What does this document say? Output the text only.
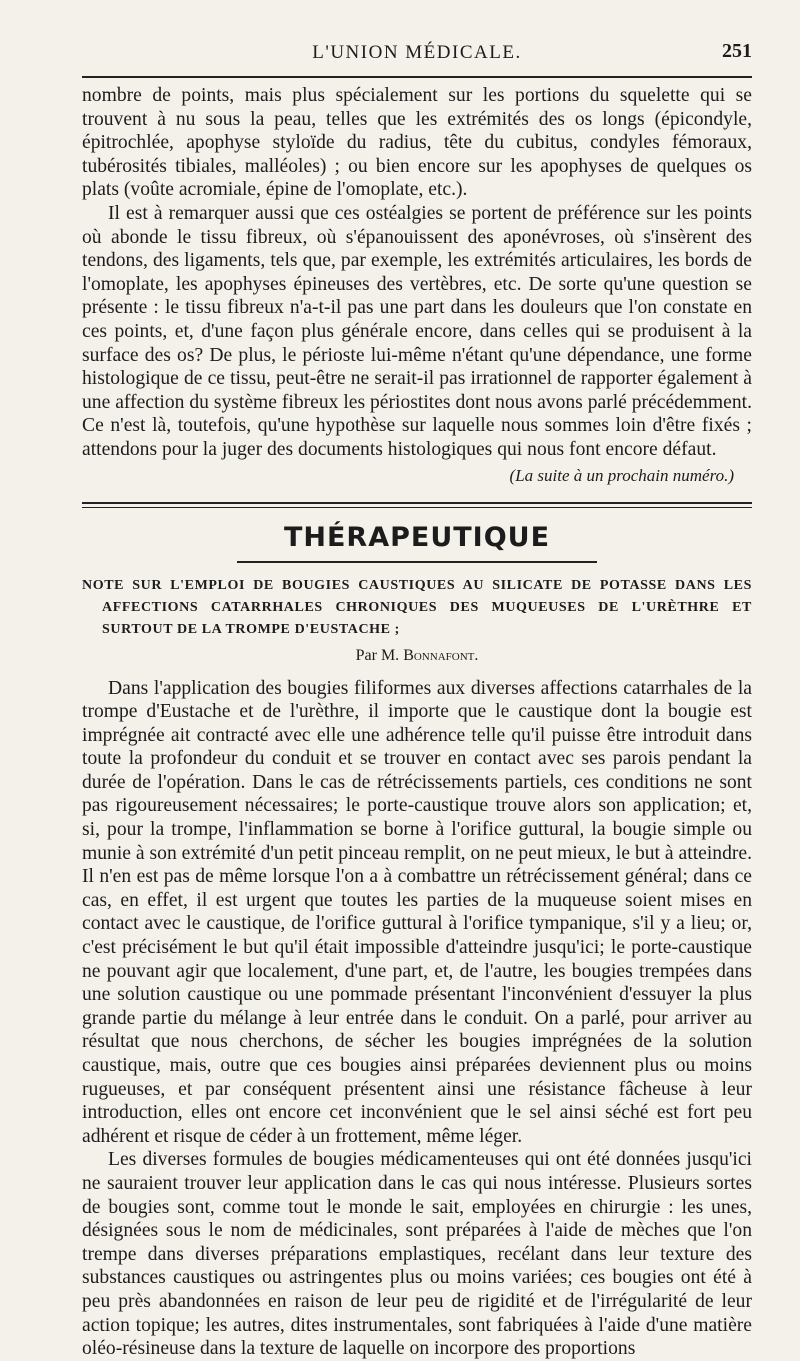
L'UNION MÉDICALE.	251

nombre de points, mais plus spécialement sur les portions du squelette qui se trouvent à nu sous la peau, telles que les extrémités des os longs (épicondyle, épitrochlée, apophyse styloïde du radius, tête du cubitus, condyles fémoraux, tubérosités tibiales, malléoles) ; ou bien encore sur les apophyses de quelques os plats (voûte acromiale, épine de l'omoplate, etc.).

Il est à remarquer aussi que ces ostéalgies se portent de préférence sur les points où abonde le tissu fibreux, où s'épanouissent des aponévroses, où s'insèrent des tendons, des ligaments, tels que, par exemple, les extrémités articulaires, les bords de l'omoplate, les apophyses épineuses des vertèbres, etc. De sorte qu'une question se présente : le tissu fibreux n'a-t-il pas une part dans les douleurs que l'on constate en ces points, et, d'une façon plus générale encore, dans celles qui se produisent à la surface des os? De plus, le périoste lui-même n'étant qu'une dépendance, une forme histologique de ce tissu, peut-être ne serait-il pas irrationnel de rapporter également à une affection du système fibreux les périostites dont nous avons parlé précédemment. Ce n'est là, toutefois, qu'une hypothèse sur laquelle nous sommes loin d'être fixés ; attendons pour la juger des documents histologiques qui nous font encore défaut.

(La suite à un prochain numéro.)
THÉRAPEUTIQUE
NOTE SUR L'EMPLOI DE BOUGIES CAUSTIQUES AU SILICATE DE POTASSE DANS LES AFFECTIONS CATARRHALES CHRONIQUES DES MUQUEUSES DE L'URÈTHRE ET SURTOUT DE LA TROMPE D'EUSTACHE ;
Par M. Bonnafont.

Dans l'application des bougies filiformes aux diverses affections catarrhales de la trompe d'Eustache et de l'urèthre, il importe que le caustique dont la bougie est imprégnée ait contracté avec elle une adhérence telle qu'il puisse être introduit dans toute la profondeur du conduit et se trouver en contact avec ses parois pendant la durée de l'opération. Dans le cas de rétrécissements partiels, ces conditions ne sont pas rigoureusement nécessaires; le porte-caustique trouve alors son application; et, si, pour la trompe, l'inflammation se borne à l'orifice guttural, la bougie simple ou munie à son extrémité d'un petit pinceau remplit, on ne peut mieux, le but à atteindre. Il n'en est pas de même lorsque l'on a à combattre un rétrécissement général; dans ce cas, en effet, il est urgent que toutes les parties de la muqueuse soient mises en contact avec le caustique, de l'orifice guttural à l'orifice tympanique, s'il y a lieu; or, c'est précisément le but qu'il était impossible d'atteindre jusqu'ici; le porte-caustique ne pouvant agir que localement, d'une part, et, de l'autre, les bougies trempées dans une solution caustique ou une pommade présentant l'inconvénient d'essuyer la plus grande partie du mélange à leur entrée dans le conduit. On a parlé, pour arriver au résultat que nous cherchons, de sécher les bougies imprégnées de la solution caustique, mais, outre que ces bougies ainsi préparées deviennent plus ou moins rugueuses, et par conséquent présentent ainsi une résistance fâcheuse à leur introduction, elles ont encore cet inconvénient que le sel ainsi séché est fort peu adhérent et risque de céder à un frottement, même léger.

Les diverses formules de bougies médicamenteuses qui ont été données jusqu'ici ne sauraient trouver leur application dans le cas qui nous intéresse. Plusieurs sortes de bougies sont, comme tout le monde le sait, employées en chirurgie : les unes, désignées sous le nom de médicinales, sont préparées à l'aide de mèches que l'on trempe dans diverses préparations emplastiques, recélant dans leur texture des substances caustiques ou astringentes plus ou moins variées; ces bougies ont été à peu près abandonnées en raison de leur peu de rigidité et de l'irrégularité de leur action topique; les autres, dites instrumentales, sont fabriquées à l'aide d'une matière oléo-résineuse dans la texture de laquelle on incorpore des proportions
